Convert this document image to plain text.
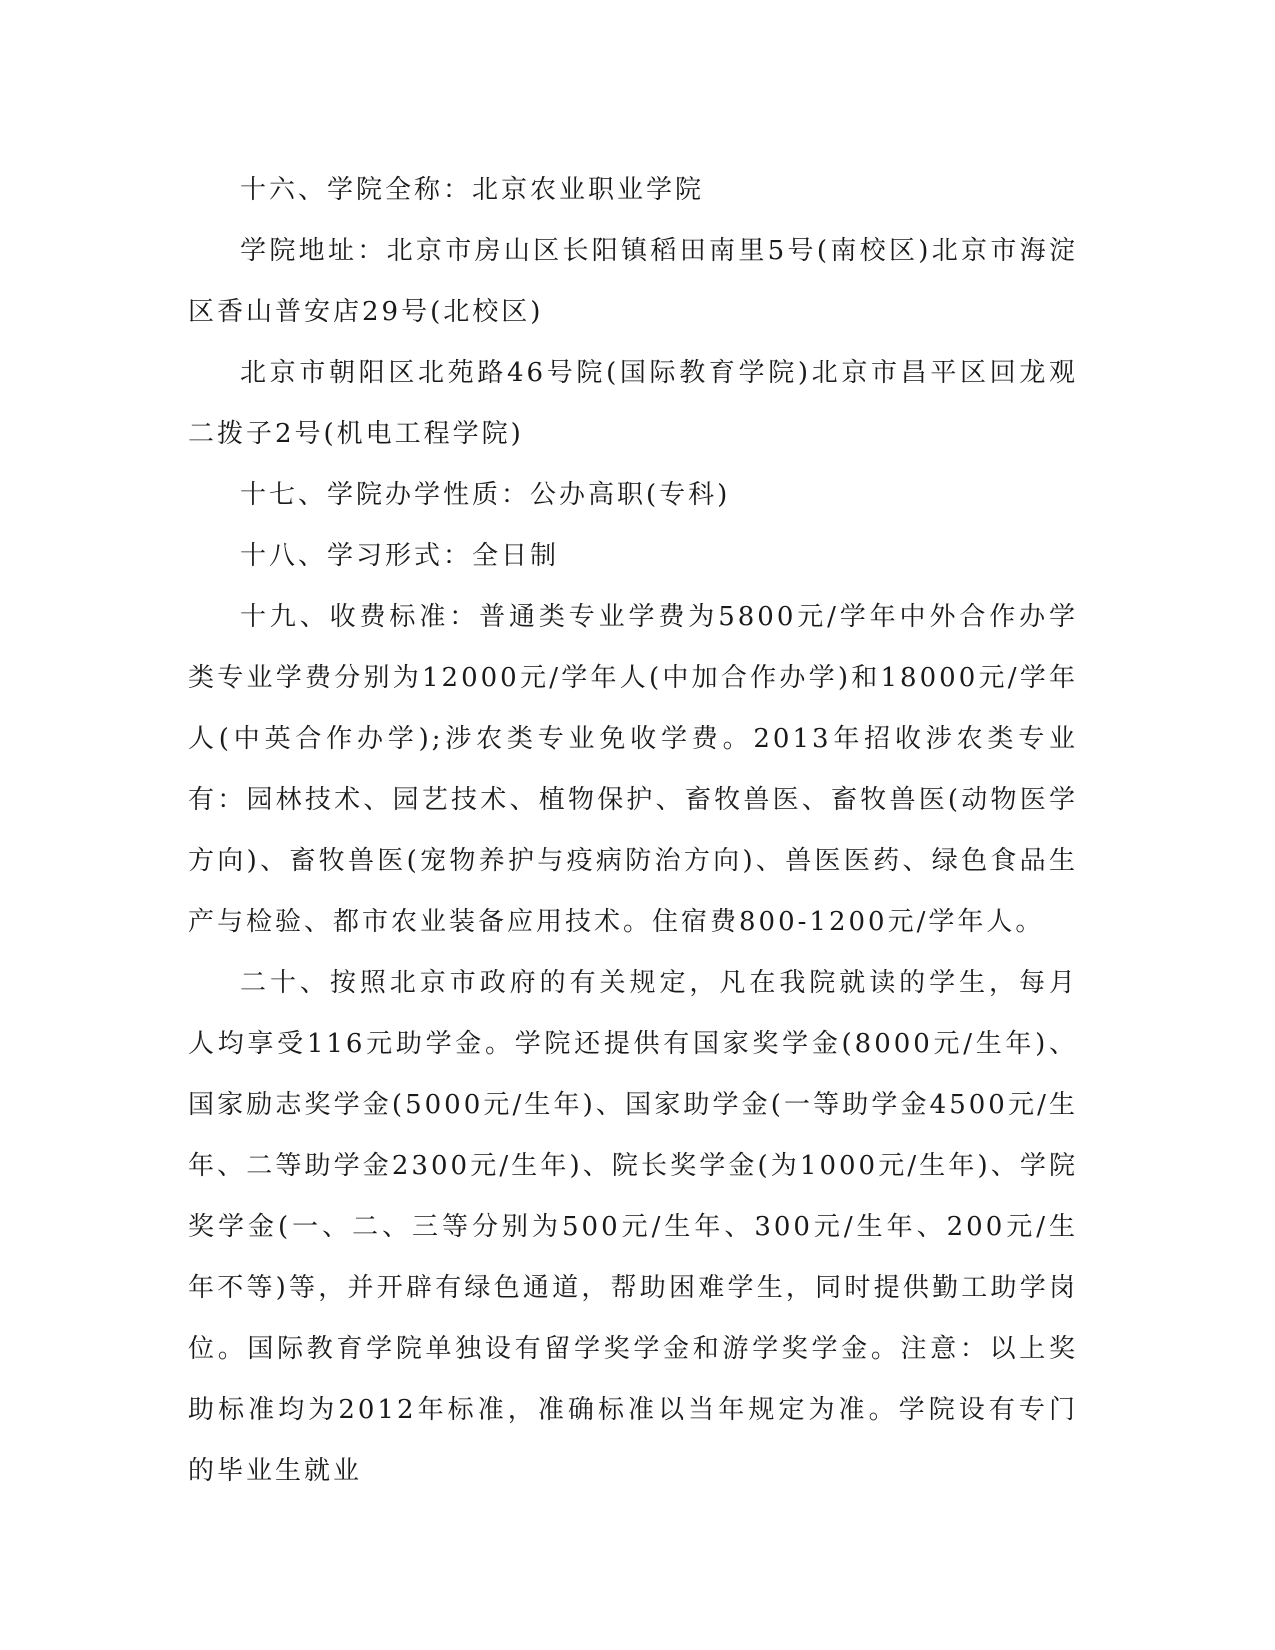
十六、学院全称：北京农业职业学院

学院地址：北京市房山区长阳镇稻田南里5号(南校区)北京市海淀区香山普安店29号(北校区)

北京市朝阳区北苑路46号院(国际教育学院)北京市昌平区回龙观二拨子2号(机电工程学院)

十七、学院办学性质：公办高职(专科)

十八、学习形式：全日制

十九、收费标准：普通类专业学费为5800元/学年中外合作办学类专业学费分别为12000元/学年人(中加合作办学)和18000元/学年人(中英合作办学);涉农类专业免收学费。2013年招收涉农类专业有：园林技术、园艺技术、植物保护、畜牧兽医、畜牧兽医(动物医学方向)、畜牧兽医(宠物养护与疫病防治方向)、兽医医药、绿色食品生产与检验、都市农业装备应用技术。住宿费800-1200元/学年人。

二十、按照北京市政府的有关规定，凡在我院就读的学生，每月人均享受116元助学金。学院还提供有国家奖学金(8000元/生年)、国家励志奖学金(5000元/生年)、国家助学金(一等助学金4500元/生年、二等助学金2300元/生年)、院长奖学金(为1000元/生年)、学院奖学金(一、二、三等分别为500元/生年、300元/生年、200元/生年不等)等，并开辟有绿色通道，帮助困难学生，同时提供勤工助学岗位。国际教育学院单独设有留学奖学金和游学奖学金。注意：以上奖助标准均为2012年标准，准确标准以当年规定为准。学院设有专门的毕业生就业
